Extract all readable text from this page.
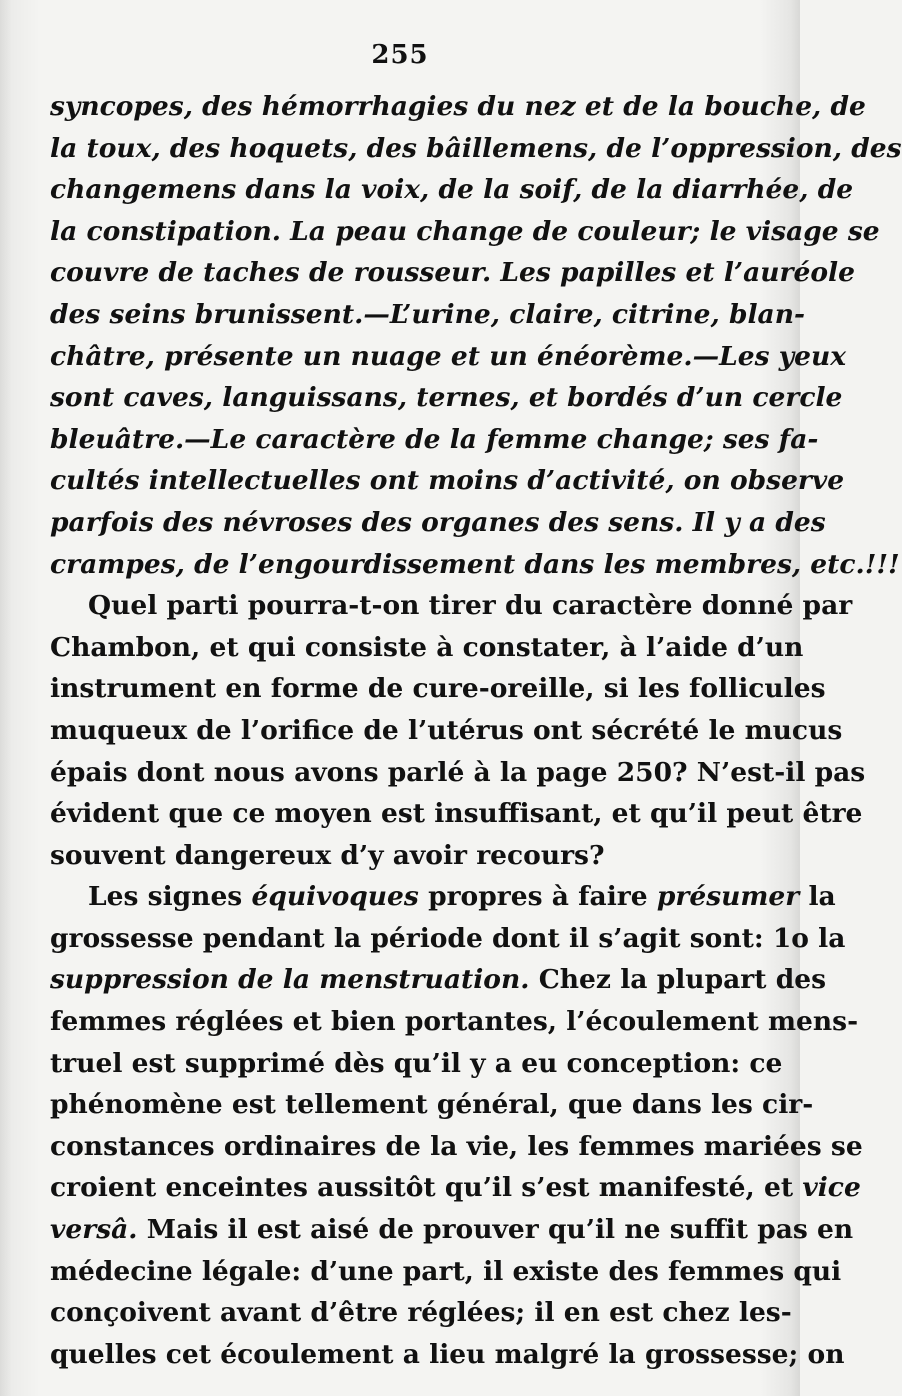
255
syncopes, des hémorrhagies du nez et de la bouche, de
la toux, des hoquets, des bâillemens, de l’oppression, des
changemens dans la voix, de la soif, de la diarrhée, de
la constipation. La peau change de couleur; le visage se
couvre de taches de rousseur. Les papilles et l’auréole
des seins brunissent.—L’urine, claire, citrine, blan-
châtre, présente un nuage et un énéorème.—Les yeux
sont caves, languissans, ternes, et bordés d’un cercle
bleuâtre.—Le caractère de la femme change; ses fa-
cultés intellectuelles ont moins d’activité, on observe
parfois des névroses des organes des sens. Il y a des
crampes, de l’engourdissement dans les membres, etc.!!!
Quel parti pourra-t-on tirer du caractère donné par
Chambon, et qui consiste à constater, à l’aide d’un
instrument en forme de cure-oreille, si les follicules
muqueux de l’orifice de l’utérus ont sécrété le mucus
épais dont nous avons parlé à la page 250? N’est-il pas
évident que ce moyen est insuffisant, et qu’il peut être
souvent dangereux d’y avoir recours?
Les signes équivoques propres à faire présumer la
grossesse pendant la période dont il s’agit sont: 1o la
suppression de la menstruation. Chez la plupart des
femmes réglées et bien portantes, l’écoulement mens-
truel est supprimé dès qu’il y a eu conception: ce
phénomène est tellement général, que dans les cir-
constances ordinaires de la vie, les femmes mariées se
croient enceintes aussitôt qu’il s’est manifesté, et vice
versâ. Mais il est aisé de prouver qu’il ne suffit pas en
médecine légale: d’une part, il existe des femmes qui
conçoivent avant d’être réglées; il en est chez les-
quelles cet écoulement a lieu malgré la grossesse; on
